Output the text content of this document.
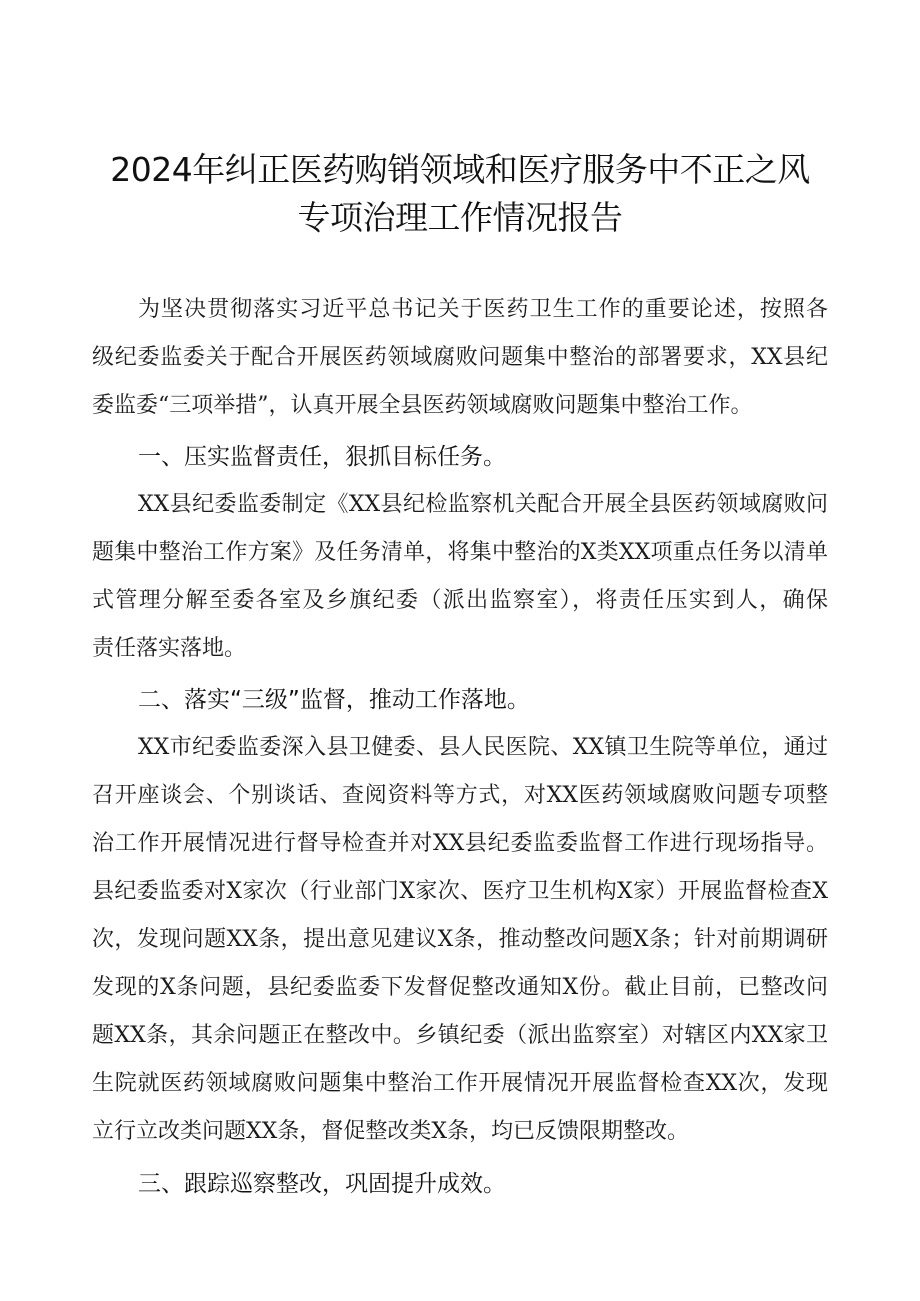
2024年纠正医药购销领域和医疗服务中不正之风
专项治理工作情况报告
为坚决贯彻落实习近平总书记关于医药卫生工作的重要论述，按照各
级纪委监委关于配合开展医药领域腐败问题集中整治的部署要求，XX县纪
委监委“三项举措”，认真开展全县医药领域腐败问题集中整治工作。
一、压实监督责任，狠抓目标任务。
XX县纪委监委制定《XX县纪检监察机关配合开展全县医药领域腐败问
题集中整治工作方案》及任务清单，将集中整治的X类XX项重点任务以清单
式管理分解至委各室及乡旗纪委（派出监察室），将责任压实到人，确保
责任落实落地。
二、落实“三级”监督，推动工作落地。
XX市纪委监委深入县卫健委、县人民医院、XX镇卫生院等单位，通过
召开座谈会、个别谈话、查阅资料等方式，对XX医药领域腐败问题专项整
治工作开展情况进行督导检查并对XX县纪委监委监督工作进行现场指导。
县纪委监委对X家次（行业部门X家次、医疗卫生机构X家）开展监督检查X
次，发现问题XX条，提出意见建议X条，推动整改问题X条；针对前期调研
发现的X条问题，县纪委监委下发督促整改通知X份。截止目前，已整改问
题XX条，其余问题正在整改中。乡镇纪委（派出监察室）对辖区内XX家卫
生院就医药领域腐败问题集中整治工作开展情况开展监督检查XX次，发现
立行立改类问题XX条，督促整改类X条，均已反馈限期整改。
三、跟踪巡察整改，巩固提升成效。
